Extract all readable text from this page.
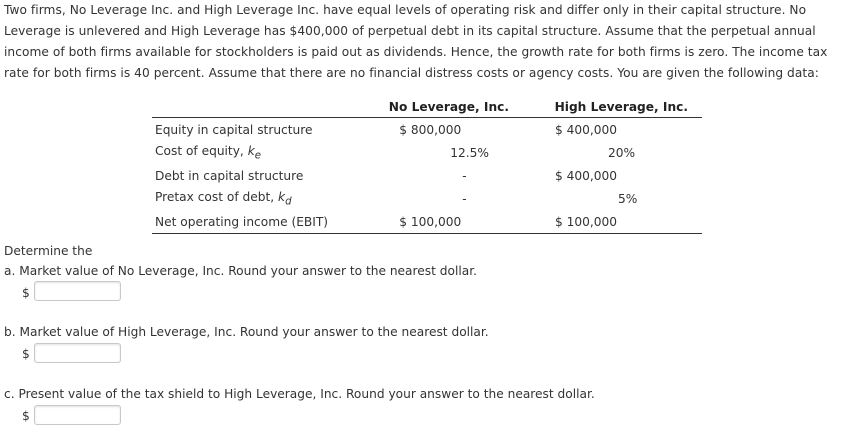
Two firms, No Leverage Inc. and High Leverage Inc. have equal levels of operating risk and differ only in their capital structure. No Leverage is unlevered and High Leverage has $400,000 of perpetual debt in its capital structure. Assume that the perpetual annual income of both firms available for stockholders is paid out as dividends. Hence, the growth rate for both firms is zero. The income tax rate for both firms is 40 percent. Assume that there are no financial distress costs or agency costs. You are given the following data:

	No Leverage, Inc.	High Leverage, Inc.
Equity in capital structure	$ 800,000	$ 400,000

Cost of equity, $k_e$	12.5%	20%

Debt in capital structure	-	$ 400,000

Pretax cost of debt, $k_d$	-	5%

Net operating income (EBIT)	$ 100,000	$ 100,000
Determine the
a. Market value of No Leverage, Inc. Round your answer to the nearest dollar.
$
b. Market value of High Leverage, Inc. Round your answer to the nearest dollar.
$
c. Present value of the tax shield to High Leverage, Inc. Round your answer to the nearest dollar.
$
